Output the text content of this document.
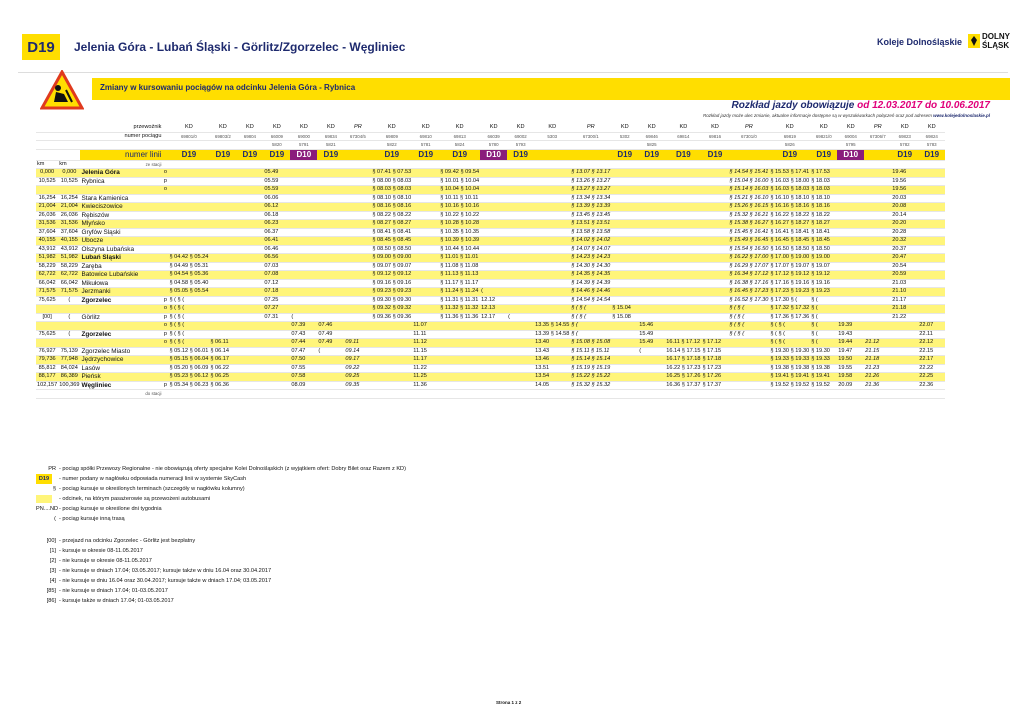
D19	Jelenia Góra - Lubań Śląski - Görlitz/Zgorzelec - Węgliniec	Koleje Dolnośląskie
DOLNY ŚLĄSK
Zmiany w kursowaniu pociągów na odcinku Jelenia Góra - Rybnica
Rozkład jazdy obowiązuje od 12.03.2017 do 10.06.2017
Rozkład jazdy może ulec zmianie, aktualne informacje dostępne są w wyszukiwarkach połączeń oraz pod adresem www.kolejedolnoslaskie.pl
		przewoźnik		KD	KD	KD	KD	KD	KD	PR	KD	KD	KD	KD	KD	KD	PR	KD	KD	KD	KD	PR	KD	KD	KD	PR	KD	KD
		numer pociągu		69801/0	69803/2	69804	66009	69000	69834	67304/5	69809	69810	69813	66039	69002	5303	67300/1	5302	69846	69814	69816	67301/0	69819	69821/0	69004	67306/7	69823	69824
							5820	5791	5821		5822	5781	5824	5780	5793				5825				5826		5795		5782	5783
		numer linii		D19	D19	D19	D19	D10	D19		D19	D19	D19	D10	D19			D19	D19	D19	D19		D19	D19	D10		D19	D19
km	km	ze stacji																										
0,000	0,000	Jelenia Góra	o				05.49				§ 07.41 § 07.53		§ 09.42 § 09.54				§ 13.07 § 13.17					§ 14.54 § 15.41	§ 15.53 § 17.41	§ 17.53			19.46	
10,525	10,525	Rybnica	p				05.59				§ 08.00 § 08.03		§ 10.01 § 10.04				§ 13.26 § 13.27					§ 15.04 § 16.00	§ 16.03 § 18.00	§ 18.03			19.56	
			o				05.59				§ 08.03 § 08.03		§ 10.04 § 10.04				§ 13.27 § 13.27					§ 15.14 § 16.03	§ 16.03 § 18.03	§ 18.03			19.56	
16,254	16,254	Stara Kamienica					06.06				§ 08.10 § 08.10		§ 10.11 § 10.11				§ 13.34 § 13.34					§ 15.21 § 16.10	§ 16.10 § 18.10	§ 18.10			20.03	
21,004	21,004	Kwieciszowice					06.12				§ 08.16 § 08.16		§ 10.16 § 10.16				§ 13.39 § 13.39					§ 15.26 § 16.15	§ 16.16 § 18.16	§ 18.16			20.08	
26,036	26,036	Rębiszów					06.18				§ 08.22 § 08.22		§ 10.22 § 10.22				§ 13.45 § 13.45					§ 15.32 § 16.21	§ 16.22 § 18.22	§ 18.22			20.14	
31,536	31,536	Mlyńsko					06.23				§ 08.27 § 08.27		§ 10.28 § 10.28				§ 13.51 § 13.51					§ 15.38 § 16.27	§ 16.27 § 18.27	§ 18.27			20.20	
37,604	37,604	Gryfów Śląski					06.37				§ 08.41 § 08.41		§ 10.35 § 10.35				§ 13.58 § 13.58					§ 15.45 § 16.41	§ 16.41 § 18.41	§ 18.41			20.28	
40,155	40,155	Ubocze					06.41				§ 08.45 § 08.45		§ 10.39 § 10.39				§ 14.02 § 14.02					§ 15.49 § 16.45	§ 16.45 § 18.45	§ 18.45			20.32	
43,912	43,912	Olszyna Lubańska					06.46				§ 08.50 § 08.50		§ 10.44 § 10.44				§ 14.07 § 14.07					§ 15.54 § 16.50	§ 16.50 § 18.50	§ 18.50			20.37	
51,982	51,982	Lubań Śląski		§ 04.42 § 05.24			06.56				§ 09.00 § 09.00		§ 11.01 § 11.01				§ 14.23 § 14.23					§ 16.22 § 17.00	§ 17.00 § 19.00	§ 19.00			20.47	
58,229	58,229	Zaręba		§ 04.49 § 05.31			07.03				§ 09.07 § 09.07		§ 11.08 § 11.08				§ 14.30 § 14.30					§ 16.29 § 17.07	§ 17.07 § 19.07	§ 19.07			20.54	
62,722	62,722	Batowice Lubańskie		§ 04.54 § 05.36			07.08				§ 09.12 § 09.12		§ 11.13 § 11.13				§ 14.35 § 14.35					§ 16.34 § 17.12	§ 17.12 § 19.12	§ 19.12			20.59	
66,042	66,042	Mikułowa		§ 04.58 § 05.40			07.12				§ 09.16 § 09.16		§ 11.17 § 11.17				§ 14.39 § 14.39					§ 16.38 § 17.16	§ 17.16 § 19.16	§ 19.16			21.03	
71,575	71,575	Jerzmanki		§ 05.05 § 05.54			07.18				§ 09.23 § 09.23		§ 11.24 § 11.24	(			§ 14.46 § 14.46					§ 16.45 § 17.23	§ 17.23 § 19.23	§ 19.23			21.10	
75,625	(	Zgorzelec	p	§ ( § (			07.25				§ 09.30 § 09.30		§ 11.31 § 11.31	12.12			§ 14.54 § 14.54					§ 16.52 § 17.30	§ 17.30 § (	§ (			21.17	
			o	§ ( § (			07.27				§ 09.32 § 09.32		§ 11.32 § 11.32	12.13			§ ( § (	§ 15.04				§ ( § (	§ 17.32 § 17.32	§ (			21.18	
[00]	(	Görlitz	p	§ ( § (			07.31	(			§ 09.36 § 09.36		§ 11.36 § 11.36	12.17	(		§ ( § (	§ 15.08				§ ( § (	§ 17.36 § 17.36	§ (			21.22	
			o	§ ( § (				07.39	07.46			11.07				13.35 § 14.55	§ (		15.46			§ ( § (	§ ( § (	§ (	19.39			22.07
75,625	(	Zgorzelec	p	§ ( § (				07.43	07.49			11.11				13.39 § 14.58	§ (		15.49			§ ( § (	§ ( § (	§ (	19.43			22.11
			o	§ ( § (	§ 06.11			07.44	07.49	09.11		11.12				13.40	§ 15.08 § 15.08		15.49	16.11 § 17.12	§ 17.12		§ ( § (	§ (	19.44	21.12		22.12
76,927	75,139	Zgorzelec Miasto		§ 05.12 § 06.01	§ 06.14			07.47	(	09.14		11.15				13.43	§ 15.11 § 15.11		(	16.14 § 17.15	§ 17.15		§ 19.30 § 19.30	§ 19.30	19.47	21.15		22.15
79,736	77,948	Jędrzychowice		§ 05.15 § 06.04	§ 06.17			07.50		09.17		11.17				13.46	§ 15.14 § 15.14			16.17 § 17.18	§ 17.18		§ 19.33 § 19.33	§ 19.33	19.50	21.18		22.17
85,812	84,024	Lasów		§ 05.20 § 06.09	§ 06.22			07.55		09.22		11.22				13.51	§ 15.19 § 15.19			16.22 § 17.23	§ 17.23		§ 19.38 § 19.38	§ 19.38	19.55	21.23		22.22
88,177	86,389	Pieńsk		§ 05.23 § 06.12	§ 06.25			07.58		09.25		11.25				13.54	§ 15.22 § 15.22			16.25 § 17.26	§ 17.26		§ 19.41 § 19.41	§ 19.41	19.58	21.26		22.25
102,157	100,369	Węgliniec	p	§ 05.34 § 06.23	§ 06.36			08.09		09.35		11.36				14.05	§ 15.32 § 15.32			16.36 § 17.37	§ 17.37		§ 19.52 § 19.52	§ 19.52	20.09	21.36		22.36
		do stacji																										
PR - pociąg spółki Przewozy Regionalne - nie obowiązują oferty specjalne Kolei Dolnośląskich (z wyjątkiem ofert: Dobry Bilet oraz Razem z KD)
D19	- numer podany w nagłówku odpowiada numeracji linii w systemie SkyCash
§ - pociąg kursuje w określonych terminach (szczegóły w nagłówku kolumny)
- odcinek, na którym pasażerowie są przewożeni autobusami
PN....ND - pociąg kursuje w określone dni tygodnia
( - pociąg kursuje inną trasą
[00] - przejazd na odcinku Zgorzelec - Görlitz jest bezpłatny
[1] - kursuje w okresie 08-11.05.2017
[2] - nie kursuje w okresie 08-11.05.2017
[3] - nie kursuje w dniach 17.04; 03.05.2017; kursuje także w dniu 16.04 oraz 30.04.2017
[4] - nie kursuje w dniu 16.04 oraz 30.04.2017; kursuje także w dniach 17.04; 03.05.2017
[85] - nie kursuje w dniach 17.04; 01-03.05.2017
[86] - kursuje także w dniach 17.04; 01-03.05.2017
Strona 1 z 2
